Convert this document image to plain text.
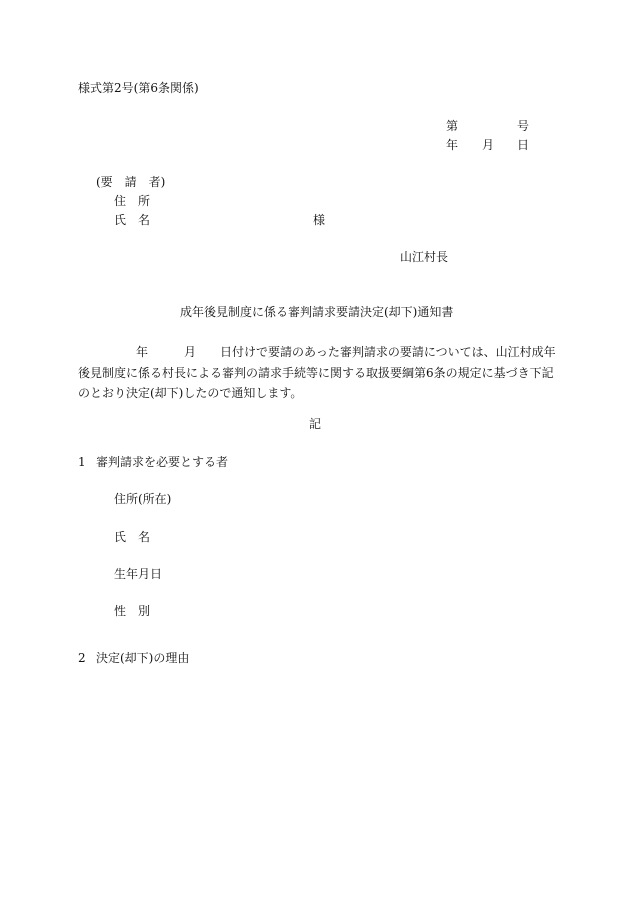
様式第2号(第6条関係)
第	号
年 月 日
(要　請　者)
住　所
氏　名	様
山江村長
成年後見制度に係る審判請求要請決定(却下)通知書
年	月 日付けで要請のあった審判請求の要請については、山江村成年後見制度に係る村長による審判の請求手続等に関する取扱要綱第6条の規定に基づき下記のとおり決定(却下)したので通知します。
記
1 審判請求を必要とする者
住所(所在)
氏　名
生年月日
性　別
2 決定(却下)の理由
